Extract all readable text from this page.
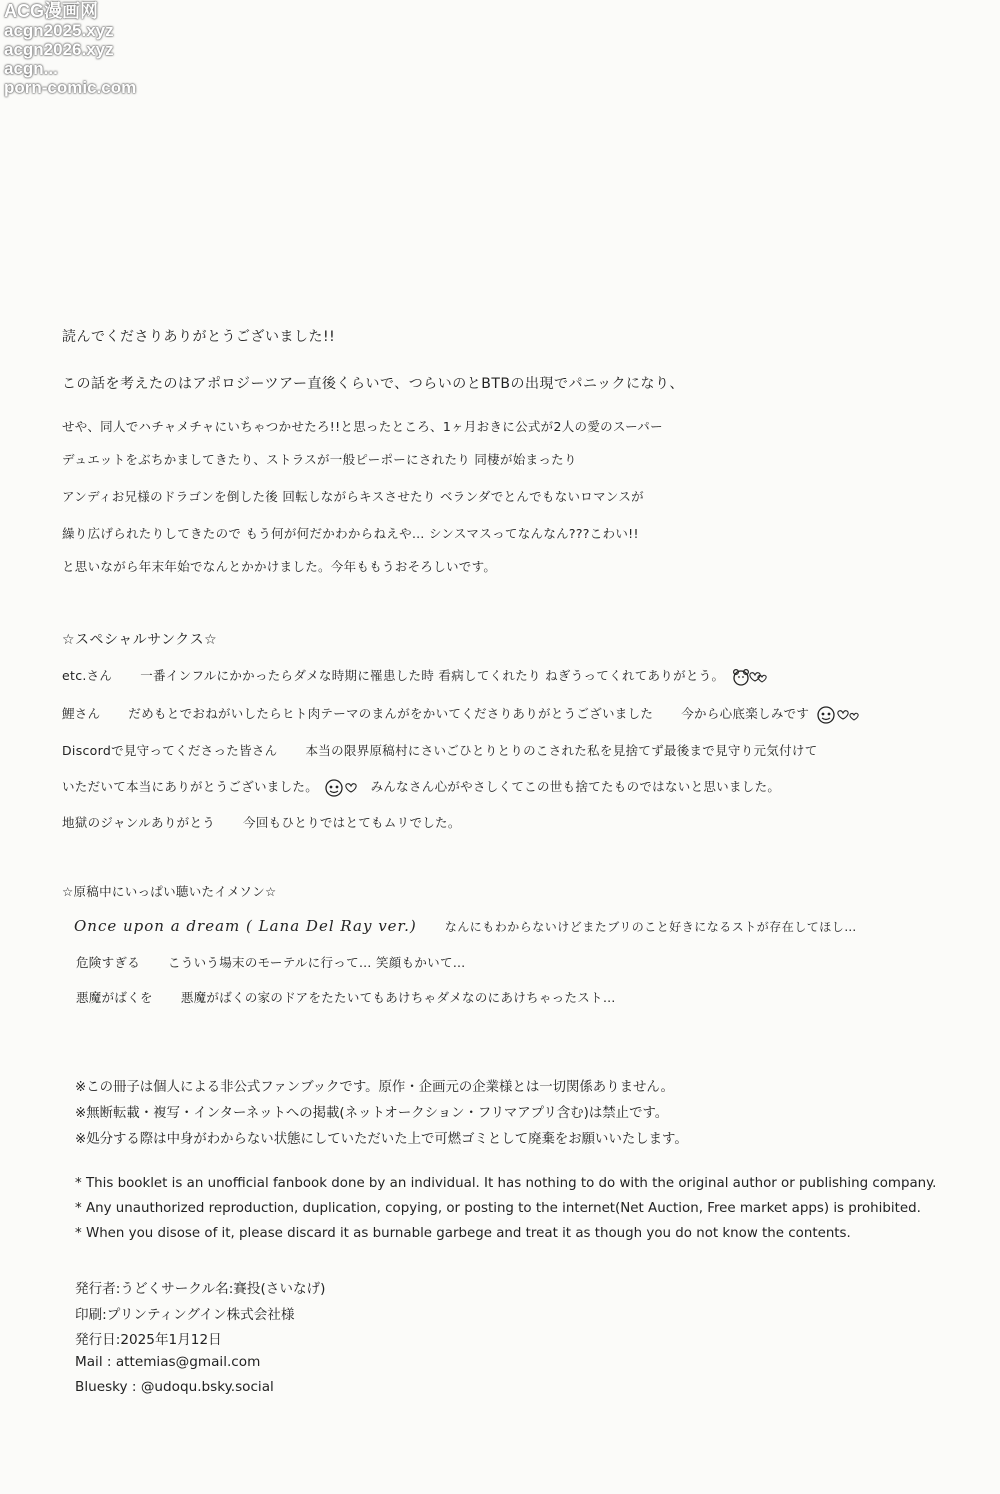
ACG漫画网
acgn2025.xyz
acgn2026.xyz
acgn...
porn-comic.com
読んでくださりありがとうございました!!
この話を考えたのはアポロジーツアー直後くらいで、つらいのとBTBの出現でパニックになり、
せや、同人でハチャメチャにいちゃつかせたろ!!と思ったところ、1ヶ月おきに公式が2人の愛のスーパー
デュエットをぶちかましてきたり、ストラスが一般ピーポーにされたり 同棲が始まったり
アンディお兄様のドラゴンを倒した後 回転しながらキスさせたり ベランダでとんでもないロマンスが
繰り広げられたりしてきたので もう何が何だかわからねえや… シンスマスってなんなん???こわい!!
と思いながら年末年始でなんとかかけました。今年ももうおそろしいです。
☆スペシャルサンクス☆
etc.さん 一番インフルにかかったらダメな時期に罹患した時 看病してくれたり ねぎうってくれてありがとう。
鯉さん だめもとでおねがいしたらヒト肉テーマのまんがをかいてくださりありがとうございました 今から心底楽しみです
Discordで見守ってくださった皆さん 本当の限界原稿村にさいごひとりとりのこされた私を見捨てず最後まで見守り元気付けて
いただいて本当にありがとうございました。	みんなさん心がやさしくてこの世も捨てたものではないと思いました。
地獄のジャンルありがとう 今回もひとりではとてもムリでした。
☆原稿中にいっぱい聴いたイメソン☆
Once upon a dream ( Lana Del Ray ver.) なんにもわからないけどまたブリのこと好きになるストが存在してほし…
危険すぎる こういう場末のモーテルに行って… 笑顔もかいて…
悪魔がばくを 悪魔がばくの家のドアをたたいてもあけちゃダメなのにあけちゃったスト…
※この冊子は個人による非公式ファンブックです。原作・企画元の企業様とは一切関係ありません。
※無断転載・複写・インターネットへの掲載(ネットオークション・フリマアプリ含む)は禁止です。
※処分する際は中身がわからない状態にしていただいた上で可燃ゴミとして廃棄をお願いいたします。
* This booklet is an unofficial fanbook done by an individual. It has nothing to do with the original author or publishing company.
* Any unauthorized reproduction, duplication, copying, or posting to the internet(Net Auction, Free market apps) is prohibited.
* When you disose of it, please discard it as burnable garbege and treat it as though you do not know the contents.
発行者:うどくサークル名:賽投(さいなげ)
印刷:プリンティングイン株式会社様
発行日:2025年1月12日
Mail : attemias@gmail.com
Bluesky : @udoqu.bsky.social
